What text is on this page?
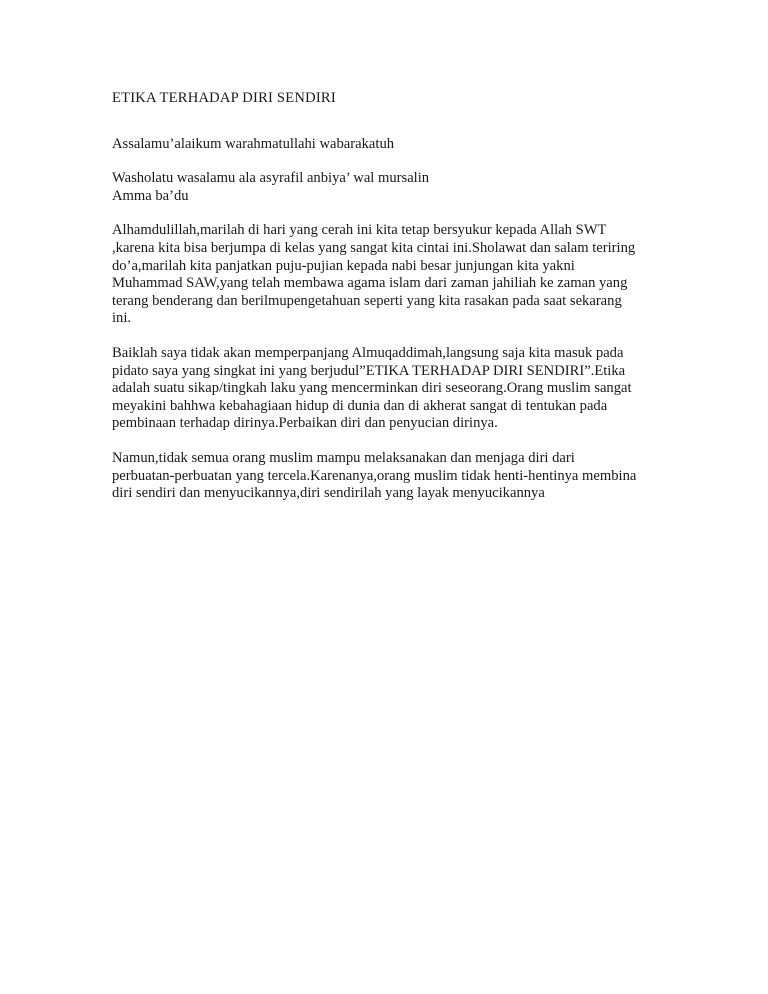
ETIKA TERHADAP DIRI SENDIRI
Assalamu’alaikum warahmatullahi wabarakatuh
Washolatu wasalamu ala asyrafil anbiya’ wal mursalin
Amma ba’du
Alhamdulillah,marilah di hari yang cerah ini kita tetap bersyukur kepada Allah SWT
,karena kita bisa berjumpa di kelas yang sangat kita cintai ini.Sholawat dan salam teriring
do’a,marilah kita panjatkan puju-pujian kepada nabi besar junjungan kita yakni
Muhammad SAW,yang telah membawa agama islam dari zaman jahiliah ke zaman yang
terang benderang dan berilmupengetahuan seperti yang kita rasakan pada saat sekarang
ini.
Baiklah saya tidak akan memperpanjang Almuqaddimah,langsung saja kita masuk pada
pidato saya yang singkat ini yang berjudul”ETIKA TERHADAP DIRI SENDIRI”.Etika
adalah suatu sikap/tingkah laku yang mencerminkan diri seseorang.Orang muslim sangat
meyakini bahhwa kebahagiaan hidup di dunia dan di akherat sangat di tentukan pada
pembinaan terhadap dirinya.Perbaikan diri dan penyucian dirinya.
Namun,tidak semua orang muslim mampu melaksanakan dan menjaga diri dari
perbuatan-perbuatan yang tercela.Karenanya,orang muslim tidak henti-hentinya membina
diri sendiri dan menyucikannya,diri sendirilah yang layak menyucikannya
